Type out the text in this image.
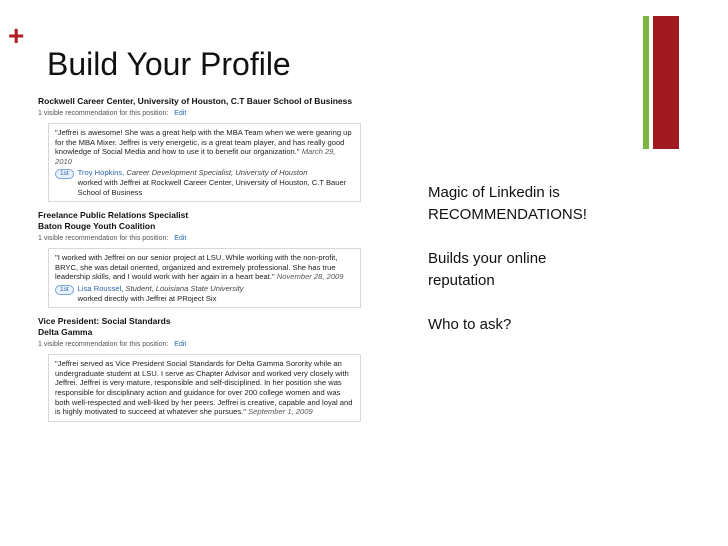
+
Build Your Profile
Rockwell Career Center, University of Houston, C.T Bauer School of Business
1 visible recommendation for this position: Edit
"Jeffrei is awesome! She was a great help with the MBA Team when we were gearing up for the MBA Mixer. Jeffrei is very energetic, is a great team player, and has really good knowledge of Social Media and how to use it to benefit our organization." March 29, 2010
1st	Troy Hopkins, Career Development Specialist, University of Houston
worked with Jeffrei at Rockwell Career Center, University of Houston, C.T Bauer School of Business
Freelance Public Relations Specialist
Baton Rouge Youth Coalition
1 visible recommendation for this position: Edit
"I worked with Jeffrei on our senior project at LSU. While working with the non-profit, BRYC, she was detail oriented, organized and extremely professional. She has true leadership skills, and I would work with her again in a heart beat." November 28, 2009
1st	Lisa Roussel, Student, Louisiana State University
worked directly with Jeffrei at PRoject Six
Vice President: Social Standards
Delta Gamma
1 visible recommendation for this position: Edit
"Jeffrei served as Vice President Social Standards for Delta Gamma Sorority while an undergraduate student at LSU. I serve as Chapter Advisor and worked very closely with Jeffrei. Jeffrei is very mature, responsible and self-disciplined. In her position she was responsible for disciplinary action and guidance for over 200 college women and was both well-respected and well-liked by her peers. Jeffrei is creative, capable and loyal and is highly motivated to succeed at whatever she pursues." September 1, 2009
Magic of Linkedin is
RECOMMENDATIONS!
Builds your online
reputation
Who to ask?
